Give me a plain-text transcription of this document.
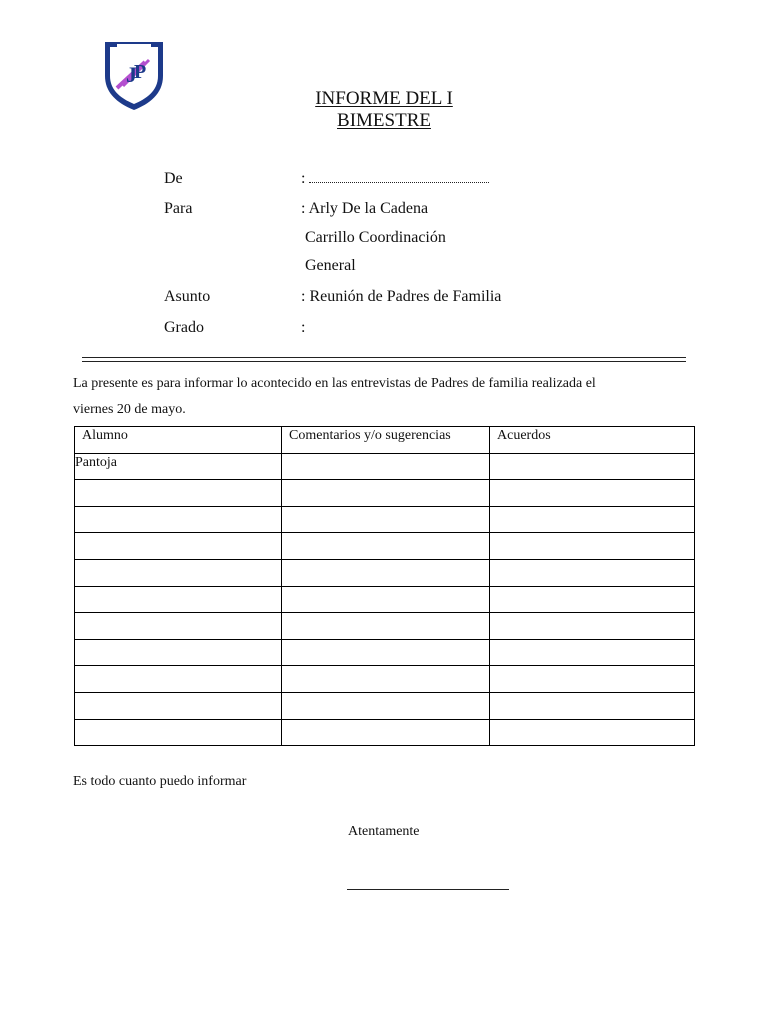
J
P
INFORME DEL I
BIMESTRE
De	:
Para	: Arly De la Cadena
Carrillo Coordinación
General
Asunto	: Reunión de Padres de Familia
Grado	:
La presente es para informar lo acontecido en las entrevistas de Padres de familia realizada el
viernes 20 de mayo.
Alumno	Comentarios y/o sugerencias	Acuerdos
Pantoja		

Es todo cuanto puedo informar
Atentamente
